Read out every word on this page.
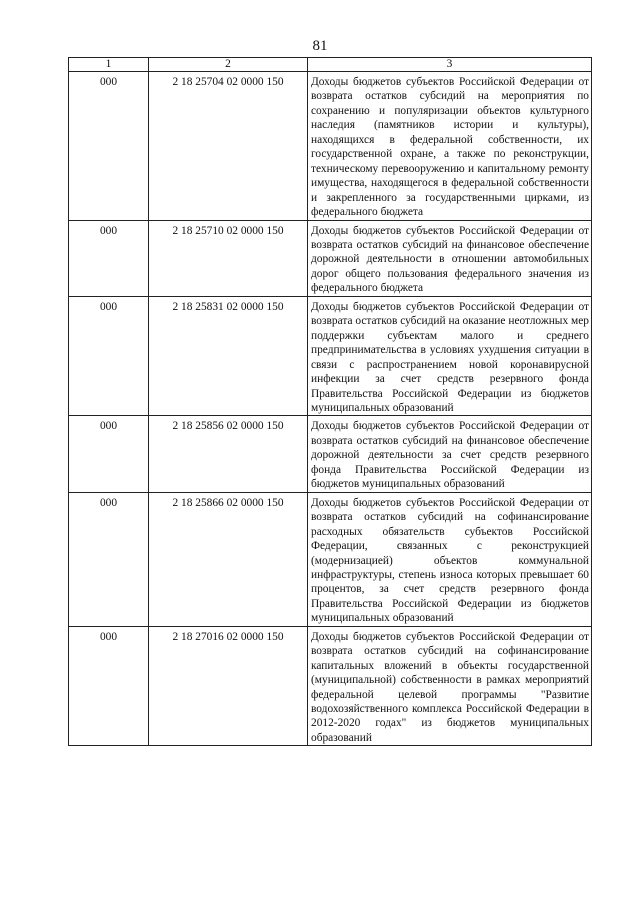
81
1	2	3
000	2 18 25704 02 0000 150	Доходы бюджетов субъектов Российской Федерации от возврата остатков субсидий на мероприятия по сохранению и популяризации объектов культурного наследия (памятников истории и культуры), находящихся в федеральной собственности, их государственной охране, а также по реконструкции, техническому перевооружению и капитальному ремонту имущества, находящегося в федеральной собственности и закрепленного за государственными цирками, из федерального бюджета
000	2 18 25710 02 0000 150	Доходы бюджетов субъектов Российской Федерации от возврата остатков субсидий на финансовое обеспечение дорожной деятельности в отношении автомобильных дорог общего пользования федерального значения из федерального бюджета
000	2 18 25831 02 0000 150	Доходы бюджетов субъектов Российской Федерации от возврата остатков субсидий на оказание неотложных мер поддержки субъектам малого и среднего предпринимательства в условиях ухудшения ситуации в связи с распространением новой коронавирусной инфекции за счет средств резервного фонда Правительства Российской Федерации из бюджетов муниципальных образований
000	2 18 25856 02 0000 150	Доходы бюджетов субъектов Российской Федерации от возврата остатков субсидий на финансовое обеспечение дорожной деятельности за счет средств резервного фонда Правительства Российской Федерации из бюджетов муниципальных образований
000	2 18 25866 02 0000 150	Доходы бюджетов субъектов Российской Федерации от возврата остатков субсидий на софинансирование расходных обязательств субъектов Российской Федерации, связанных с реконструкцией (модернизацией) объектов коммунальной инфраструктуры, степень износа которых превышает 60 процентов, за счет средств резервного фонда Правительства Российской Федерации из бюджетов муниципальных образований
000	2 18 27016 02 0000 150	Доходы бюджетов субъектов Российской Федерации от возврата остатков субсидий на софинансирование капитальных вложений в объекты государственной (муниципальной) собственности в рамках мероприятий федеральной целевой программы "Развитие водохозяйственного комплекса Российской Федерации в 2012-2020 годах" из бюджетов муниципальных образований
